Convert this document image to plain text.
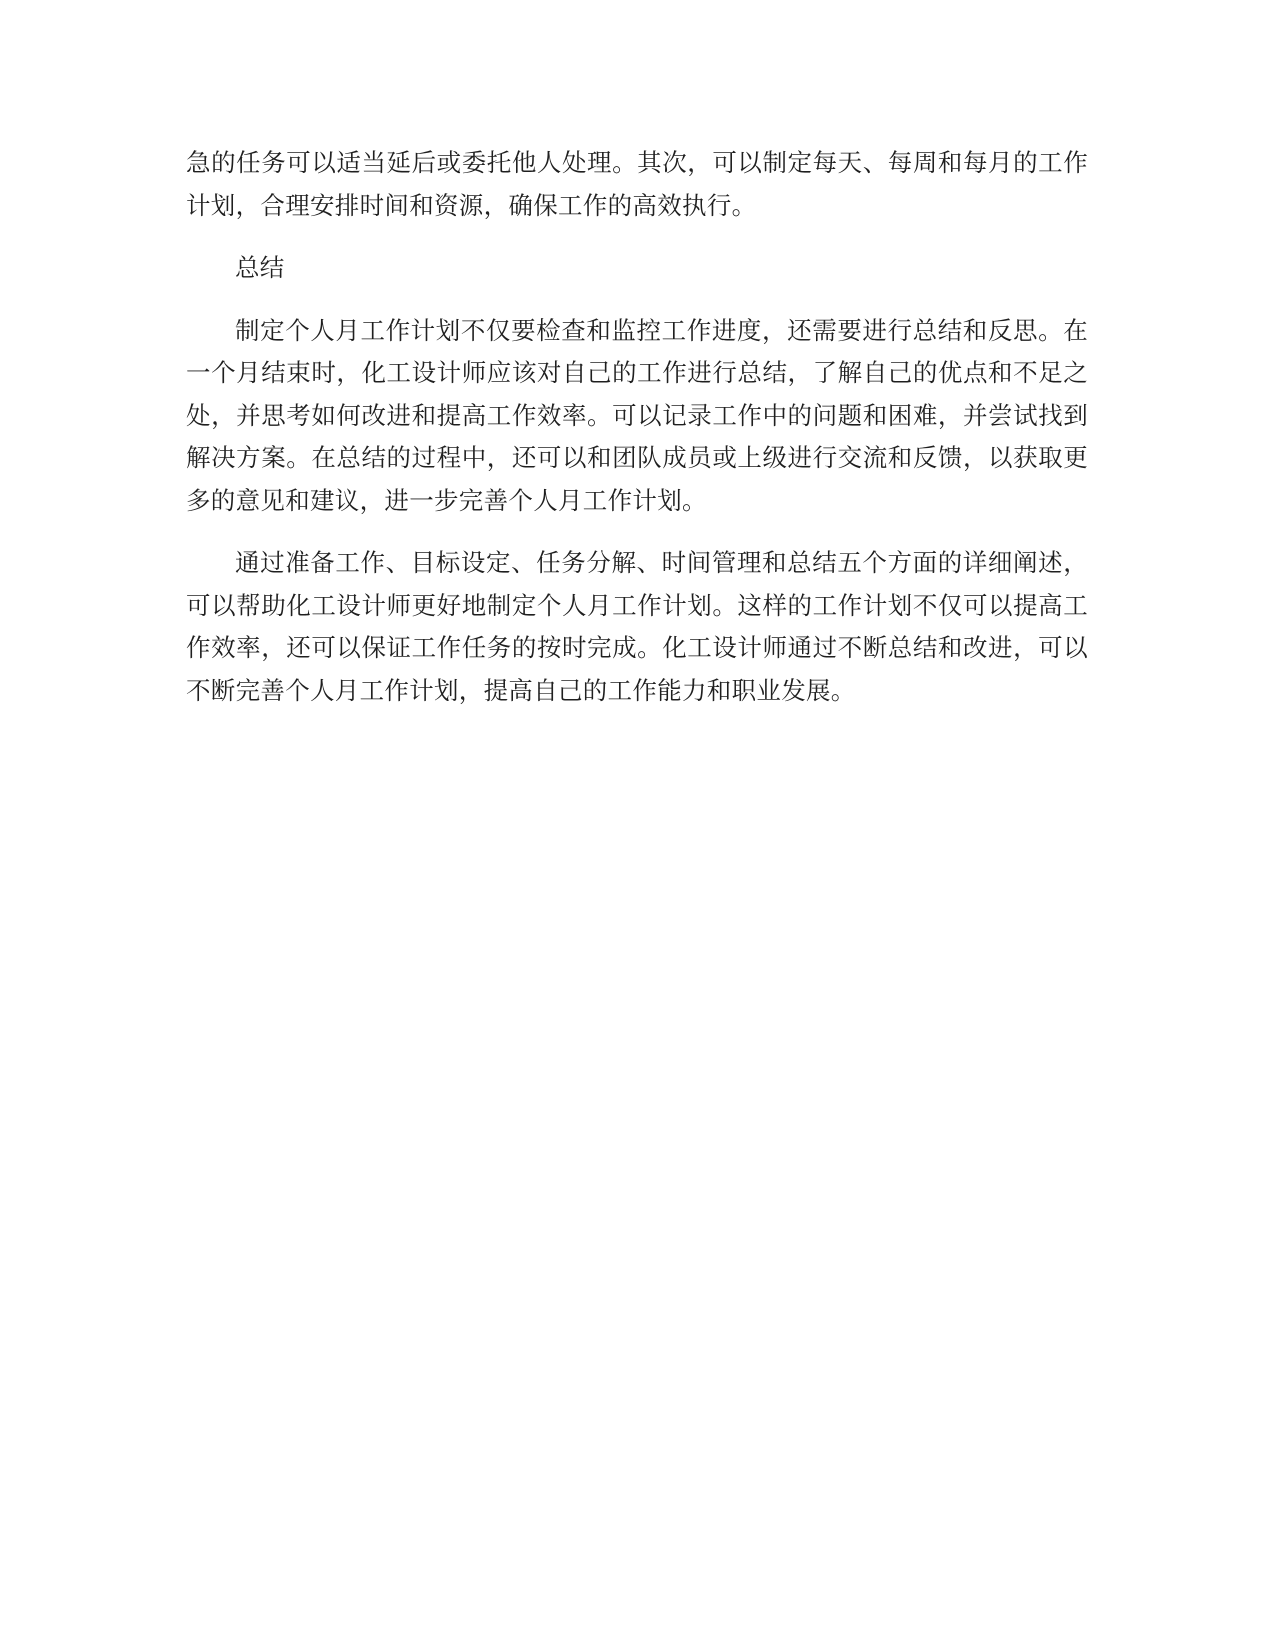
急的任务可以适当延后或委托他人处理。其次，可以制定每天、每周和每月的工作计划，合理安排时间和资源，确保工作的高效执行。

总结

制定个人月工作计划不仅要检查和监控工作进度，还需要进行总结和反思。在一个月结束时，化工设计师应该对自己的工作进行总结，了解自己的优点和不足之处，并思考如何改进和提高工作效率。可以记录工作中的问题和困难，并尝试找到解决方案。在总结的过程中，还可以和团队成员或上级进行交流和反馈，以获取更多的意见和建议，进一步完善个人月工作计划。

通过准备工作、目标设定、任务分解、时间管理和总结五个方面的详细阐述，可以帮助化工设计师更好地制定个人月工作计划。这样的工作计划不仅可以提高工作效率，还可以保证工作任务的按时完成。化工设计师通过不断总结和改进，可以不断完善个人月工作计划，提高自己的工作能力和职业发展。
